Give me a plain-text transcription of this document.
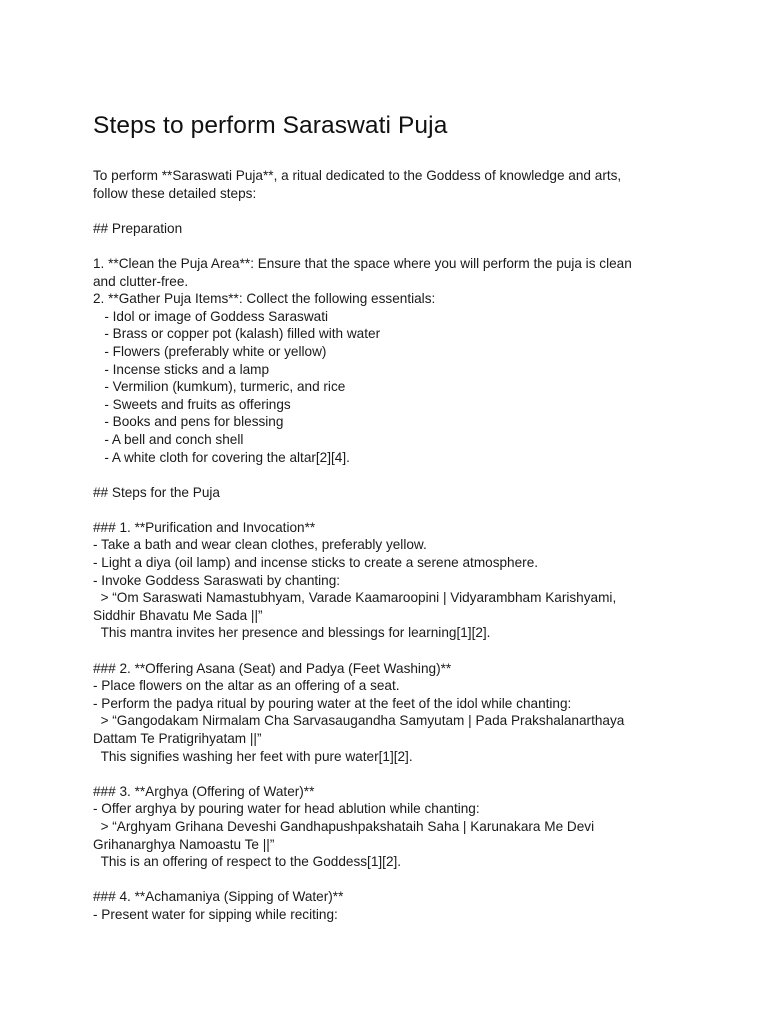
Steps to perform Saraswati Puja
To perform **Saraswati Puja**, a ritual dedicated to the Goddess of knowledge and arts,
follow these detailed steps:
## Preparation
1. **Clean the Puja Area**: Ensure that the space where you will perform the puja is clean
and clutter-free.
2. **Gather Puja Items**: Collect the following essentials:
- Idol or image of Goddess Saraswati
- Brass or copper pot (kalash) filled with water
- Flowers (preferably white or yellow)
- Incense sticks and a lamp
- Vermilion (kumkum), turmeric, and rice
- Sweets and fruits as offerings
- Books and pens for blessing
- A bell and conch shell
- A white cloth for covering the altar[2][4].
## Steps for the Puja
### 1. **Purification and Invocation**
- Take a bath and wear clean clothes, preferably yellow.
- Light a diya (oil lamp) and incense sticks to create a serene atmosphere.
- Invoke Goddess Saraswati by chanting:
> “Om Saraswati Namastubhyam, Varade Kaamaroopini | Vidyarambham Karishyami,
Siddhir Bhavatu Me Sada ||”
This mantra invites her presence and blessings for learning[1][2].
### 2. **Offering Asana (Seat) and Padya (Feet Washing)**
- Place flowers on the altar as an offering of a seat.
- Perform the padya ritual by pouring water at the feet of the idol while chanting:
> “Gangodakam Nirmalam Cha Sarvasaugandha Samyutam | Pada Prakshalanarthaya
Dattam Te Pratigrihyatam ||”
This signifies washing her feet with pure water[1][2].
### 3. **Arghya (Offering of Water)**
- Offer arghya by pouring water for head ablution while chanting:
> “Arghyam Grihana Deveshi Gandhapushpakshataih Saha | Karunakara Me Devi
Grihanarghya Namoastu Te ||”
This is an offering of respect to the Goddess[1][2].
### 4. **Achamaniya (Sipping of Water)**
- Present water for sipping while reciting:
